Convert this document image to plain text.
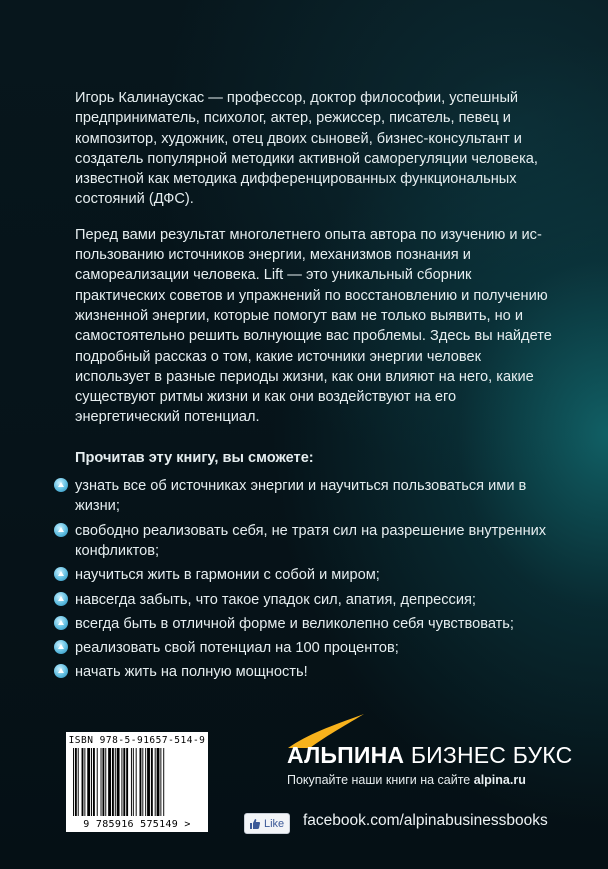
Игорь Калинаускас — профессор, доктор философии, успешный предприниматель, психолог, актер, режиссер, писатель, певец и композитор, художник, отец двоих сыновей, бизнес-консультант и создатель популярной методики активной саморегуляции человека, известной как методика дифференцированных функциональных состояний (ДФС).

Перед вами результат многолетнего опыта автора по изучению и использованию источников энергии, механизмов познания и самореализации человека. Lift — это уникальный сборник практических советов и упражнений по восстановлению и получению жизненной энергии, которые помогут вам не только выявить, но и самостоятельно решить волнующие вас проблемы. Здесь вы найдете подробный рассказ о том, какие источники энергии человек использует в разные периоды жизни, как они влияют на него, какие существуют ритмы жизни и как они воздействуют на его энергетический потенциал.

Прочитав эту книгу, вы сможете:

узнать все об источниках энергии и научиться пользоваться ими в жизни;
свободно реализовать себя, не тратя сил на разрешение внутренних конфликтов;
научиться жить в гармонии с собой и миром;
навсегда забыть, что такое упадок сил, апатия, депрессия;
всегда быть в отличной форме и великолепно себя чувствовать;
реализовать свой потенциал на 100 процентов;
начать жить на полную мощность!
ISBN 978-5-91657-514-9
9 785916 575149 >
АЛЬПИНА БИЗНЕС БУКС
Покупайте наши книги на сайте alpina.ru
Like facebook.com/alpinabusinessbooks
